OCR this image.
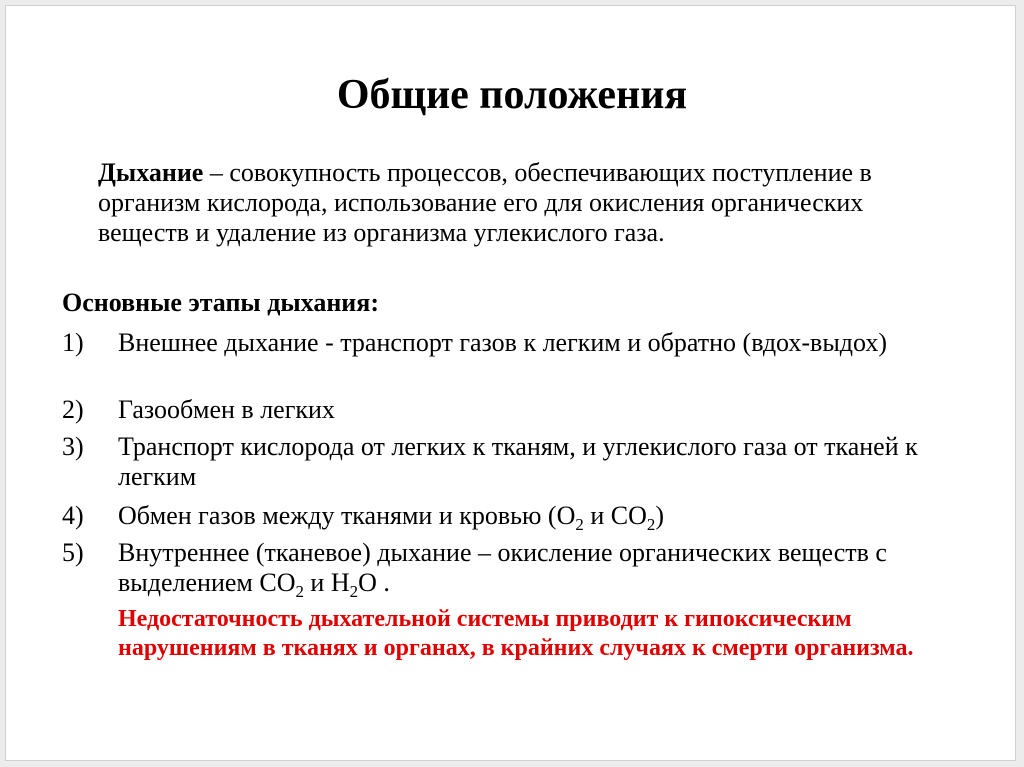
Общие положения

Дыхание – совокупность процессов, обеспечивающих поступление в организм кислорода, использование его для окисления органических веществ и удаление из организма углекислого газа.

Основные этапы дыхания:

1)	Внешнее дыхание - транспорт газов к легким и обратно (вдох-выдох)
2)	Газообмен в легких
3)	Транспорт кислорода от легких к тканям, и углекислого газа от тканей к легким
4)	Обмен газов между тканями и кровью ($O_2$ и $CO_2$)
5)	Внутреннее (тканевое) дыхание – окисление органических веществ с выделением $CO_2$ и $H_2O$ .

Недостаточность дыхательной системы приводит к гипоксическим нарушениям в тканях и органах, в крайних случаях к смерти организма.
